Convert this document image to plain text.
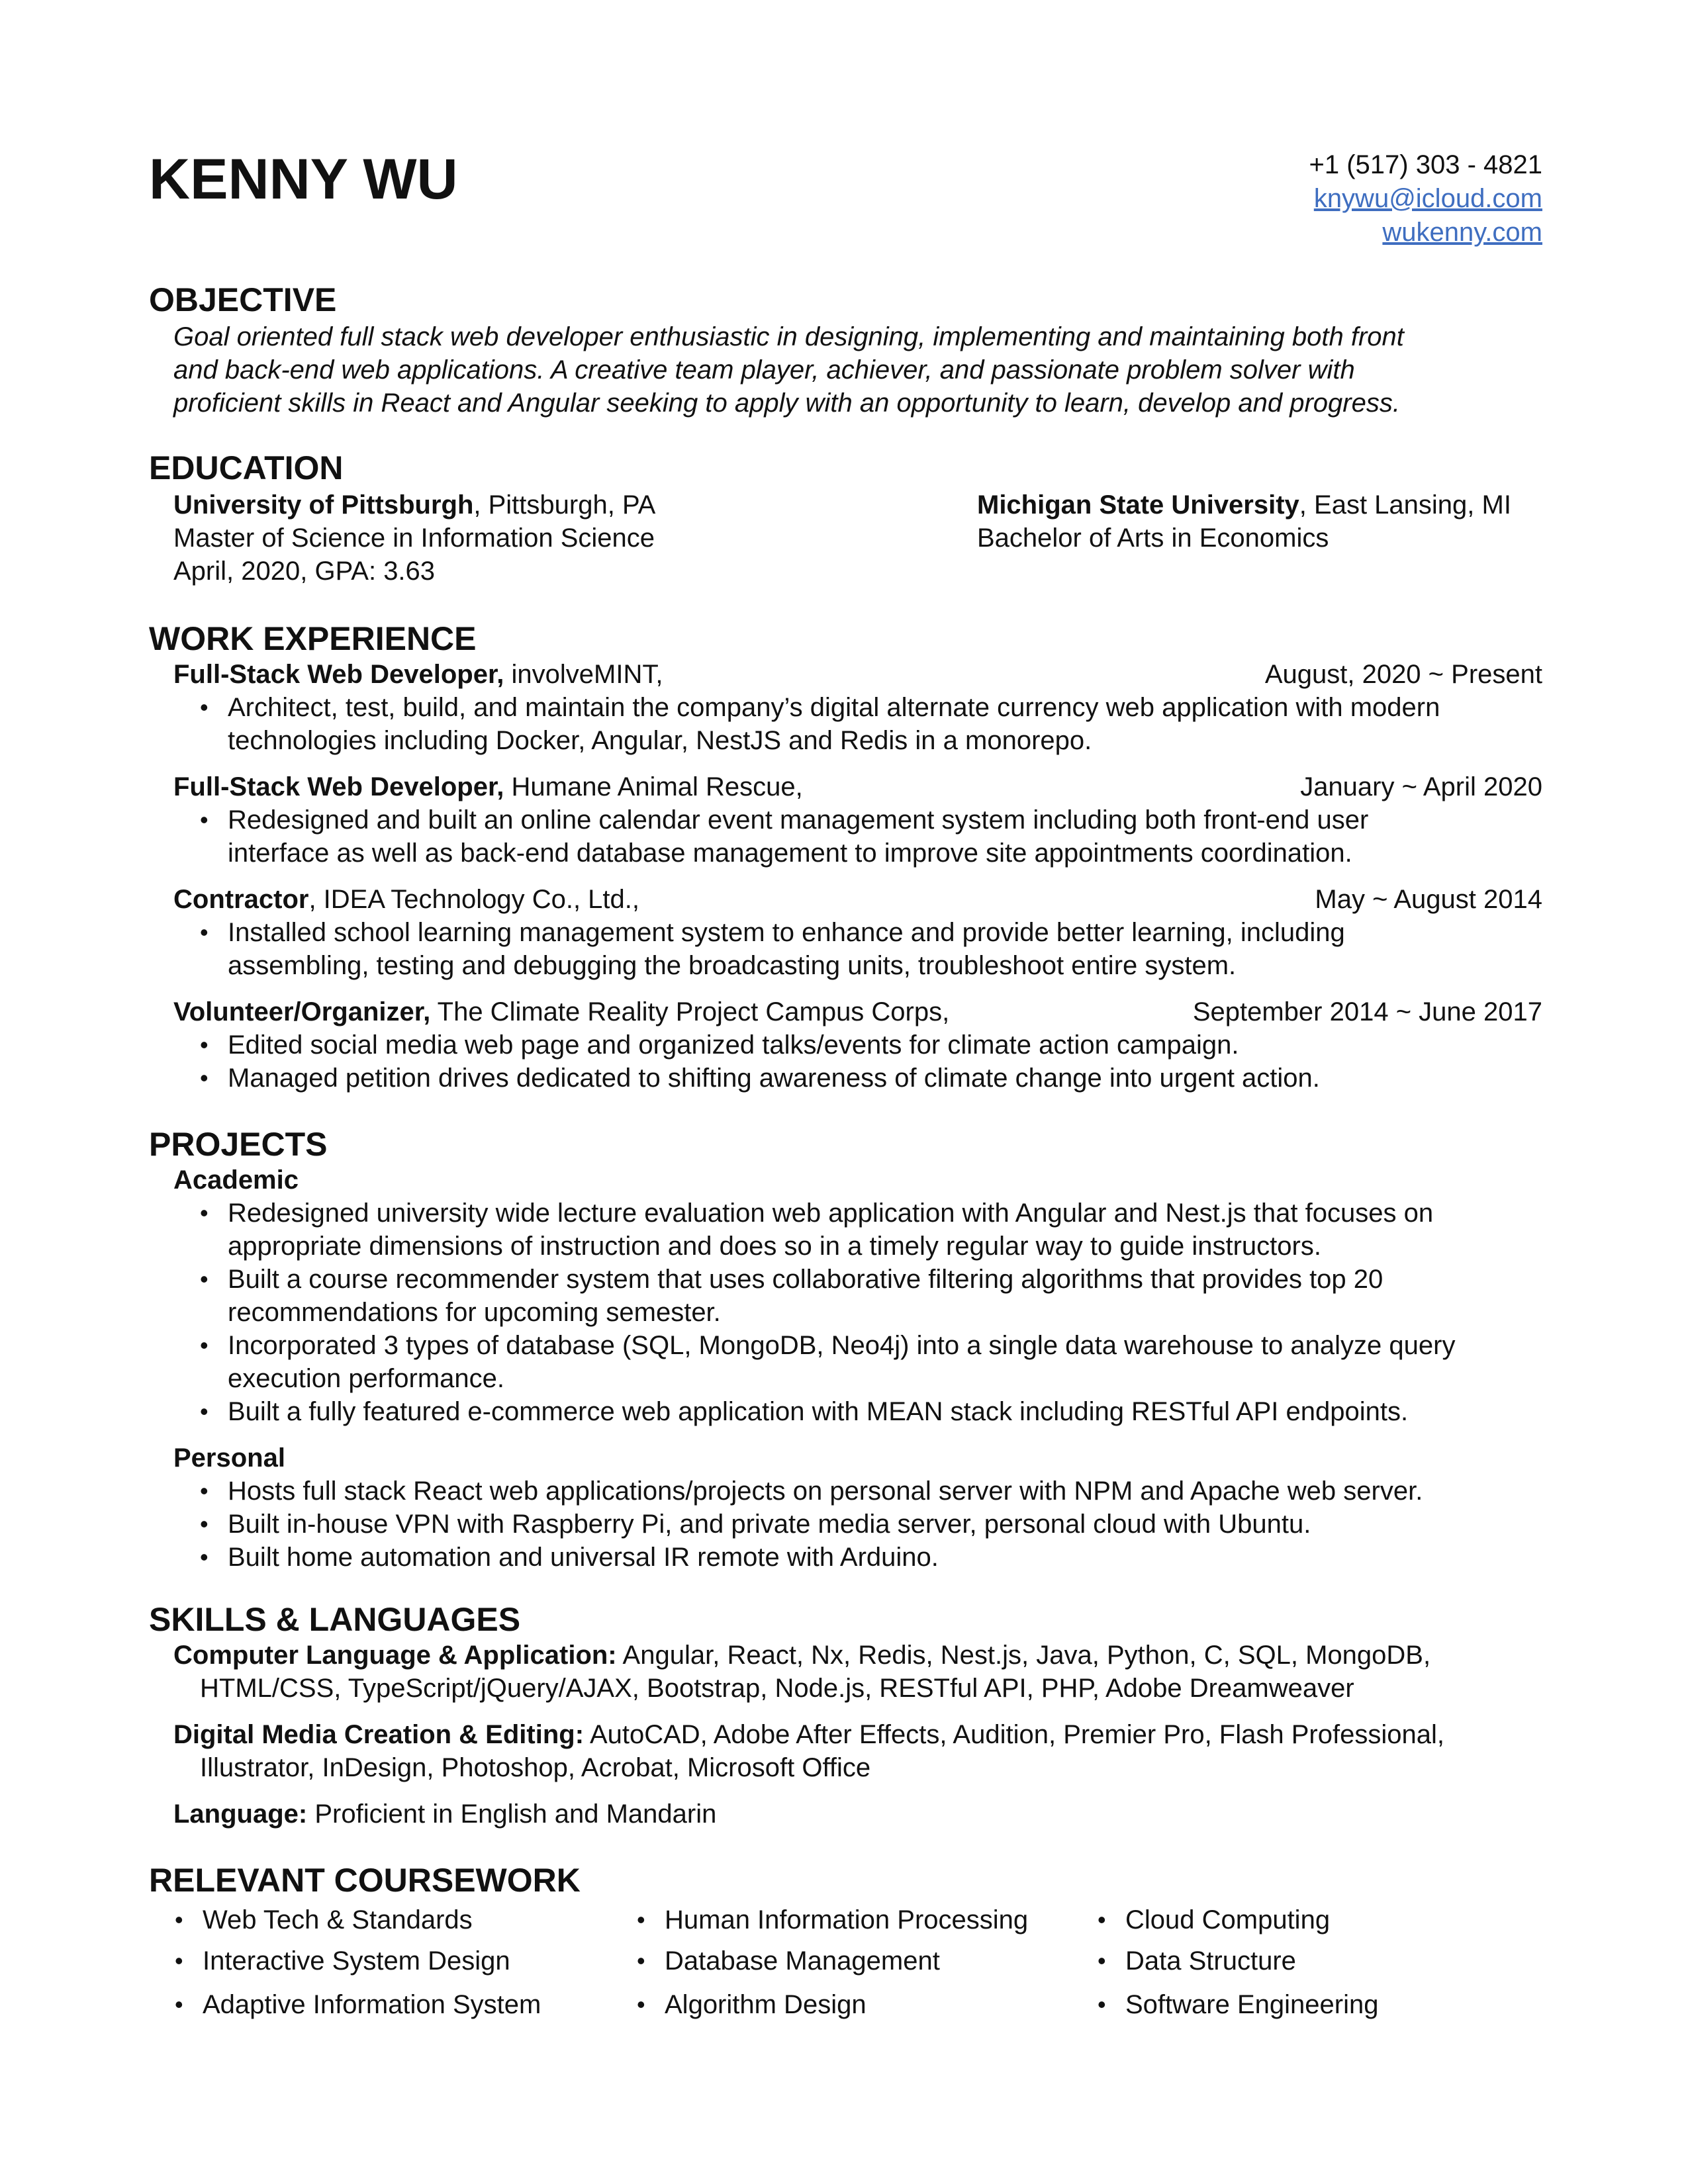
KENNY WU	+1 (517) 303 - 4821
knywu@icloud.com
wukenny.com
OBJECTIVE
Goal oriented full stack web developer enthusiastic in designing, implementing and maintaining both front
and back-end web applications. A creative team player, achiever, and passionate problem solver with
proficient skills in React and Angular seeking to apply with an opportunity to learn, develop and progress.
EDUCATION
University of Pittsburgh, Pittsburgh, PA
Master of Science in Information Science
April, 2020, GPA: 3.63
Michigan State University, East Lansing, MI
Bachelor of Arts in Economics
WORK EXPERIENCE
Full-Stack Web Developer, involveMINT,	August, 2020 ~ Present
• Architect, test, build, and maintain the company’s digital alternate currency web application with modern
technologies including Docker, Angular, NestJS and Redis in a monorepo.
Full-Stack Web Developer, Humane Animal Rescue,	January ~ April 2020
• Redesigned and built an online calendar event management system including both front-end user
interface as well as back-end database management to improve site appointments coordination.
Contractor, IDEA Technology Co., Ltd.,	May ~ August 2014
• Installed school learning management system to enhance and provide better learning, including
assembling, testing and debugging the broadcasting units, troubleshoot entire system.
Volunteer/Organizer, The Climate Reality Project Campus Corps,	September 2014 ~ June 2017
• Edited social media web page and organized talks/events for climate action campaign.
• Managed petition drives dedicated to shifting awareness of climate change into urgent action.
PROJECTS
Academic
• Redesigned university wide lecture evaluation web application with Angular and Nest.js that focuses on
appropriate dimensions of instruction and does so in a timely regular way to guide instructors.
• Built a course recommender system that uses collaborative filtering algorithms that provides top 20
recommendations for upcoming semester.
• Incorporated 3 types of database (SQL, MongoDB, Neo4j) into a single data warehouse to analyze query
execution performance.
• Built a fully featured e-commerce web application with MEAN stack including RESTful API endpoints.
Personal
• Hosts full stack React web applications/projects on personal server with NPM and Apache web server.
• Built in-house VPN with Raspberry Pi, and private media server, personal cloud with Ubuntu.
• Built home automation and universal IR remote with Arduino.
SKILLS & LANGUAGES
Computer Language & Application: Angular, React, Nx, Redis, Nest.js, Java, Python, C, SQL, MongoDB,
HTML/CSS, TypeScript/jQuery/AJAX, Bootstrap, Node.js, RESTful API, PHP, Adobe Dreamweaver
Digital Media Creation & Editing: AutoCAD, Adobe After Effects, Audition, Premier Pro, Flash Professional,
Illustrator, InDesign, Photoshop, Acrobat, Microsoft Office
Language: Proficient in English and Mandarin
RELEVANT COURSEWORK
• Web Tech & Standards
• Interactive System Design
• Adaptive Information System
• Human Information Processing
• Database Management
• Algorithm Design
• Cloud Computing
• Data Structure
• Software Engineering
